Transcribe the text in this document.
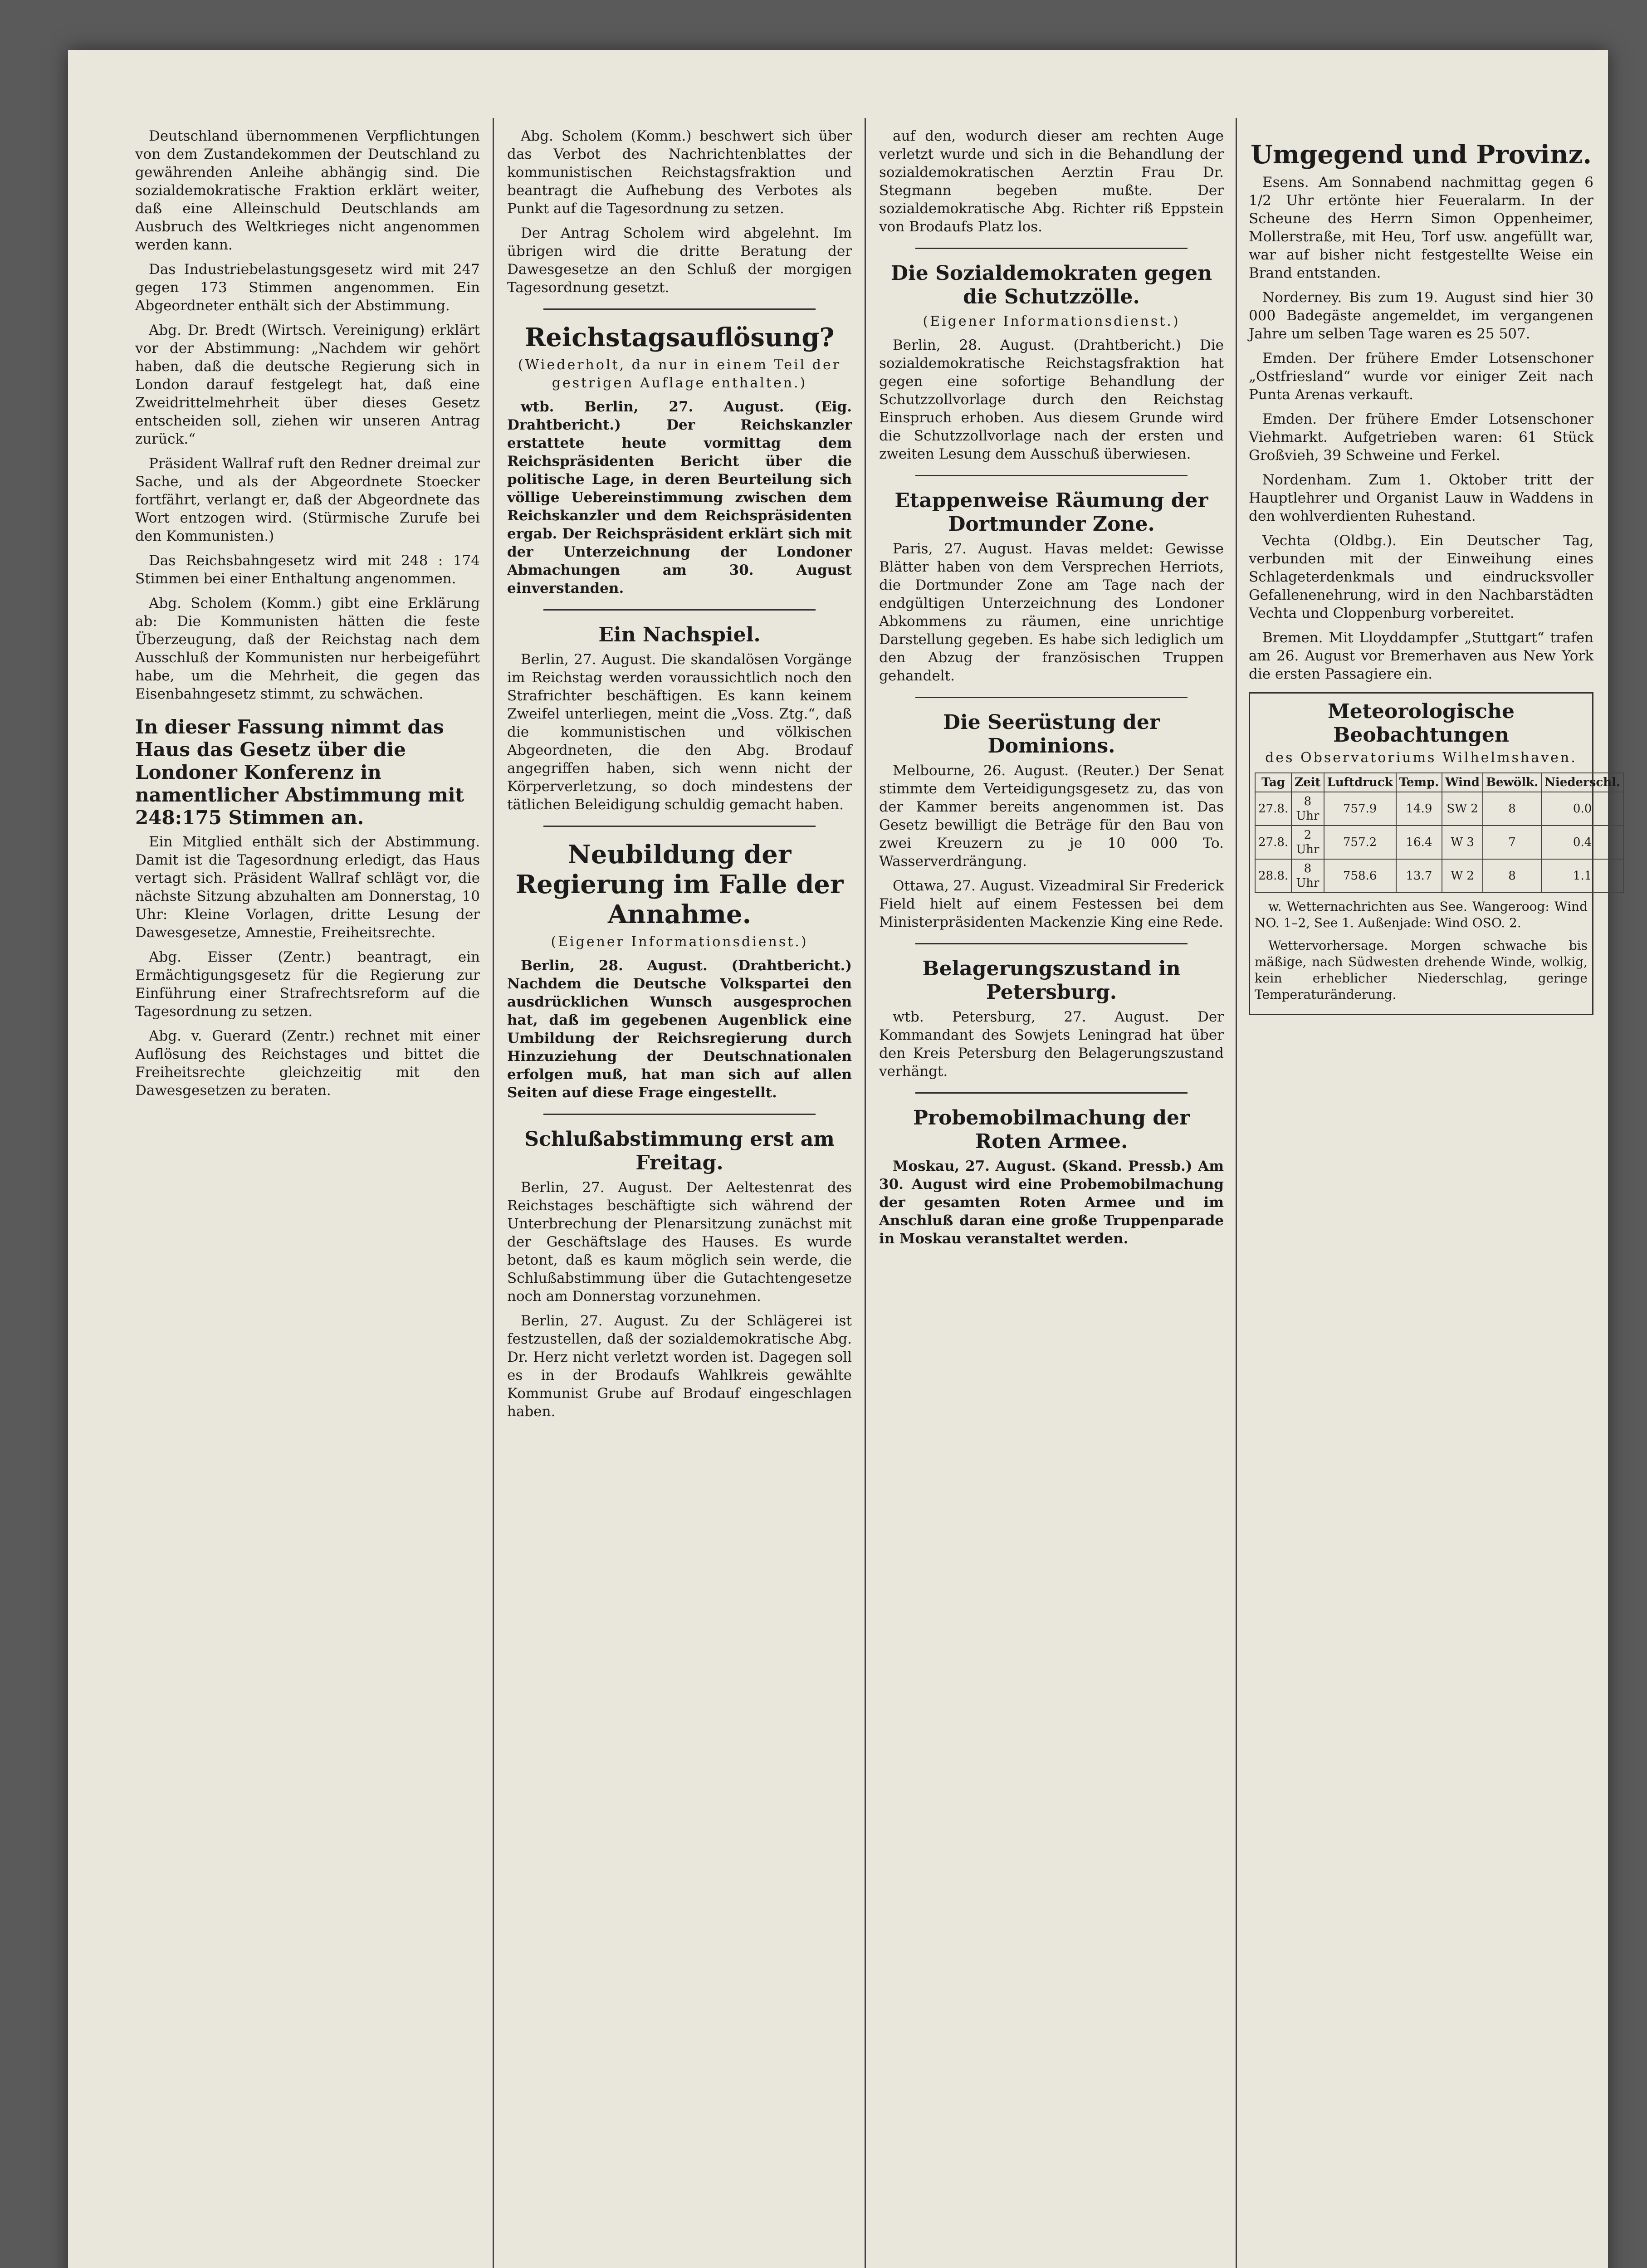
Deutschland übernommenen Verpflichtungen von dem Zustandekommen der Deutschland zu gewährenden Anleihe abhängig sind. Die sozialdemokratische Fraktion erklärt weiter, daß eine Alleinschuld Deutschlands am Ausbruch des Weltkrieges nicht angenommen werden kann.

Das Industriebelastungsgesetz wird mit 247 gegen 173 Stimmen angenommen. Ein Abgeordneter enthält sich der Abstimmung.

Abg. Dr. Bredt (Wirtsch. Vereinigung) erklärt vor der Abstimmung: „Nachdem wir gehört haben, daß die deutsche Regierung sich in London darauf festgelegt hat, daß eine Zweidrittelmehrheit über dieses Gesetz entscheiden soll, ziehen wir unseren Antrag zurück.“

Präsident Wallraf ruft den Redner dreimal zur Sache, und als der Abgeordnete Stoecker fortfährt, verlangt er, daß der Abgeordnete das Wort entzogen wird. (Stürmische Zurufe bei den Kommunisten.)

Das Reichsbahngesetz wird mit 248 : 174 Stimmen bei einer Enthaltung angenommen.

Abg. Scholem (Komm.) gibt eine Erklärung ab: Die Kommunisten hätten die feste Überzeugung, daß der Reichstag nach dem Ausschluß der Kommunisten nur herbeigeführt habe, um die Mehrheit, die gegen das Eisenbahngesetz stimmt, zu schwächen.

In dieser Fassung nimmt das Haus das Gesetz über die Londoner Konferenz in namentlicher Abstimmung mit 248:175 Stimmen an.

Ein Mitglied enthält sich der Abstimmung. Damit ist die Tagesordnung erledigt, das Haus vertagt sich. Präsident Wallraf schlägt vor, die nächste Sitzung abzuhalten am Donnerstag, 10 Uhr: Kleine Vorlagen, dritte Lesung der Dawesgesetze, Amnestie, Freiheitsrechte.

Abg. Eisser (Zentr.) beantragt, ein Ermächtigungsgesetz für die Regierung zur Einführung einer Strafrechtsreform auf die Tagesordnung zu setzen.

Abg. v. Guerard (Zentr.) rechnet mit einer Auflösung des Reichstages und bittet die Freiheitsrechte gleichzeitig mit den Dawesgesetzen zu beraten.

Abg. Scholem (Komm.) beschwert sich über das Verbot des Nachrichtenblattes der kommunistischen Reichstagsfraktion und beantragt die Aufhebung des Verbotes als Punkt auf die Tagesordnung zu setzen.

Der Antrag Scholem wird abgelehnt. Im übrigen wird die dritte Beratung der Dawesgesetze an den Schluß der morgigen Tagesordnung gesetzt.

Reichstagsauflösung?
(Wiederholt, da nur in einem Teil der gestrigen Auflage enthalten.)

wtb. Berlin, 27. August. (Eig. Drahtbericht.) Der Reichskanzler erstattete heute vormittag dem Reichspräsidenten Bericht über die politische Lage, in deren Beurteilung sich völlige Uebereinstimmung zwischen dem Reichskanzler und dem Reichspräsidenten ergab. Der Reichspräsident erklärt sich mit der Unterzeichnung der Londoner Abmachungen am 30. August einverstanden.

Ein Nachspiel.

Berlin, 27. August. Die skandalösen Vorgänge im Reichstag werden voraussichtlich noch den Strafrichter beschäftigen. Es kann keinem Zweifel unterliegen, meint die „Voss. Ztg.“, daß die kommunistischen und völkischen Abgeordneten, die den Abg. Brodauf angegriffen haben, sich wenn nicht der Körperverletzung, so doch mindestens der tätlichen Beleidigung schuldig gemacht haben.

Neubildung der Regierung im Falle der Annahme.
(Eigener Informationsdienst.)

Berlin, 28. August. (Drahtbericht.) Nachdem die Deutsche Volkspartei den ausdrücklichen Wunsch ausgesprochen hat, daß im gegebenen Augenblick eine Umbildung der Reichsregierung durch Hinzuziehung der Deutschnationalen erfolgen muß, hat man sich auf allen Seiten auf diese Frage eingestellt.

Schlußabstimmung erst am Freitag.

Berlin, 27. August. Der Aeltestenrat des Reichstages beschäftigte sich während der Unterbrechung der Plenarsitzung zunächst mit der Geschäftslage des Hauses. Es wurde betont, daß es kaum möglich sein werde, die Schlußabstimmung über die Gutachtengesetze noch am Donnerstag vorzunehmen.

Berlin, 27. August. Zu der Schlägerei ist festzustellen, daß der sozialdemokratische Abg. Dr. Herz nicht verletzt worden ist. Dagegen soll es in der Brodaufs Wahlkreis gewählte Kommunist Grube auf Brodauf eingeschlagen haben.

auf den, wodurch dieser am rechten Auge verletzt wurde und sich in die Behandlung der sozialdemokratischen Aerztin Frau Dr. Stegmann begeben mußte. Der sozialdemokratische Abg. Richter riß Eppstein von Brodaufs Platz los.

Die Sozialdemokraten gegen die Schutzzölle.
(Eigener Informationsdienst.)

Berlin, 28. August. (Drahtbericht.) Die sozialdemokratische Reichstagsfraktion hat gegen eine sofortige Behandlung der Schutzzollvorlage durch den Reichstag Einspruch erhoben. Aus diesem Grunde wird die Schutzzollvorlage nach der ersten und zweiten Lesung dem Ausschuß überwiesen.

Etappenweise Räumung der Dortmunder Zone.

Paris, 27. August. Havas meldet: Gewisse Blätter haben von dem Versprechen Herriots, die Dortmunder Zone am Tage nach der endgültigen Unterzeichnung des Londoner Abkommens zu räumen, eine unrichtige Darstellung gegeben. Es habe sich lediglich um den Abzug der französischen Truppen gehandelt.

Die Seerüstung der Dominions.

Melbourne, 26. August. (Reuter.) Der Senat stimmte dem Verteidigungsgesetz zu, das von der Kammer bereits angenommen ist. Das Gesetz bewilligt die Beträge für den Bau von zwei Kreuzern zu je 10 000 To. Wasserverdrängung.

Ottawa, 27. August. Vizeadmiral Sir Frederick Field hielt auf einem Festessen bei dem Ministerpräsidenten Mackenzie King eine Rede.

Belagerungszustand in Petersburg.

wtb. Petersburg, 27. August. Der Kommandant des Sowjets Leningrad hat über den Kreis Petersburg den Belagerungszustand verhängt.

Probemobilmachung der Roten Armee.

Moskau, 27. August. (Skand. Pressb.) Am 30. August wird eine Probemobilmachung der gesamten Roten Armee und im Anschluß daran eine große Truppenparade in Moskau veranstaltet werden.

Umgegend und Provinz.

Esens. Am Sonnabend nachmittag gegen 6 1/2 Uhr ertönte hier Feueralarm. In der Scheune des Herrn Simon Oppenheimer, Mollerstraße, mit Heu, Torf usw. angefüllt war, war auf bisher nicht festgestellte Weise ein Brand entstanden.

Norderney. Bis zum 19. August sind hier 30 000 Badegäste angemeldet, im vergangenen Jahre um selben Tage waren es 25 507.

Emden. Der frühere Emder Lotsenschoner „Ostfriesland“ wurde vor einiger Zeit nach Punta Arenas verkauft.

Emden. Der frühere Emder Lotsenschoner Viehmarkt. Aufgetrieben waren: 61 Stück Großvieh, 39 Schweine und Ferkel.

Nordenham. Zum 1. Oktober tritt der Hauptlehrer und Organist Lauw in Waddens in den wohlverdienten Ruhestand.

Vechta (Oldbg.). Ein Deutscher Tag, verbunden mit der Einweihung eines Schlageterdenkmals und eindrucksvoller Gefallenenehrung, wird in den Nachbarstädten Vechta und Cloppenburg vorbereitet.

Bremen. Mit Lloyddampfer „Stuttgart“ trafen am 26. August vor Bremerhaven aus New York die ersten Passagiere ein.

Meteorologische Beobachtungen
des Observatoriums Wilhelmshaven.
Tag	Zeit	Luftdruck	Temp.	Wind	Bewölk.	Niederschl.
27.8.	8 Uhr	757.9	14.9	SW 2	8	0.0
27.8.	2 Uhr	757.2	16.4	W 3	7	0.4
28.8.	8 Uhr	758.6	13.7	W 2	8	1.1

w. Wetternachrichten aus See. Wangeroog: Wind NO. 1–2, See 1. Außenjade: Wind OSO. 2.

Wettervorhersage. Morgen schwache bis mäßige, nach Südwesten drehende Winde, wolkig, kein erheblicher Niederschlag, geringe Temperaturänderung.
